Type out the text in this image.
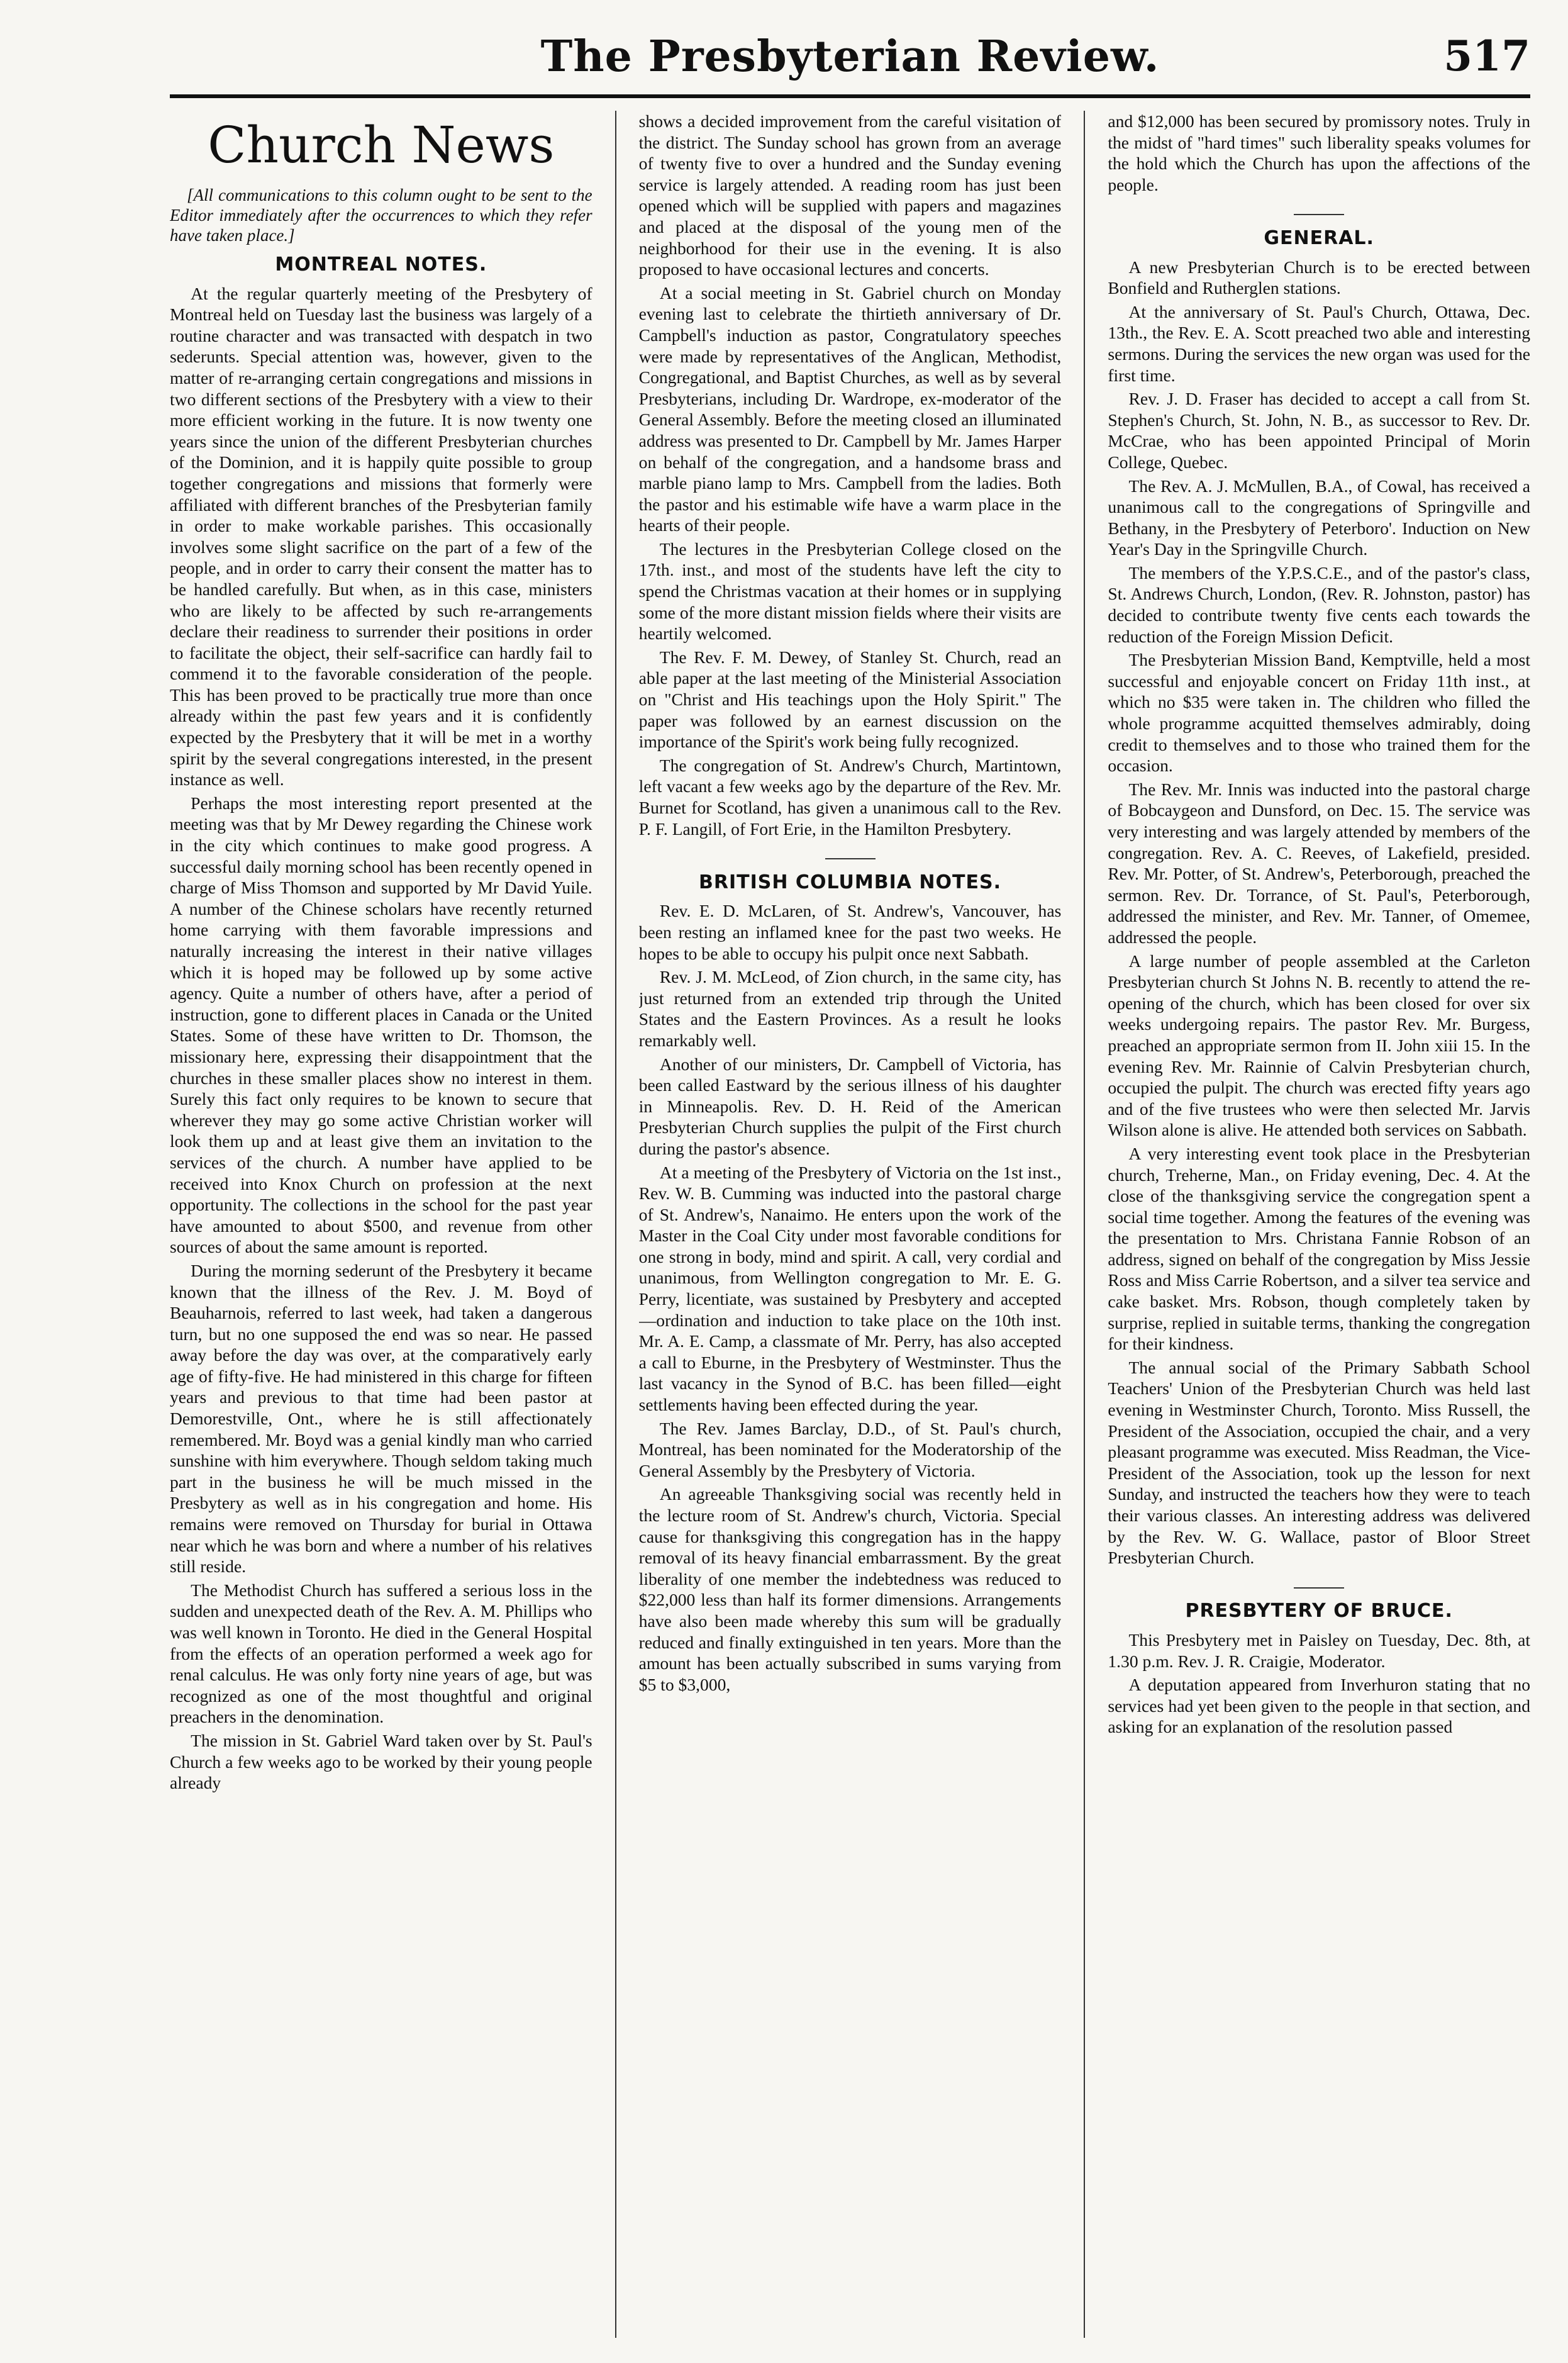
The Presbyterian Review.	517
Church News
[All communications to this column ought to be sent to the Editor immediately after the occurrences to which they refer have taken place.]
MONTREAL NOTES.

At the regular quarterly meeting of the Presbytery of Montreal held on Tuesday last the business was largely of a routine character and was transacted with despatch in two sederunts. Special attention was, however, given to the matter of re-arranging certain congregations and missions in two different sections of the Presbytery with a view to their more efficient working in the future. It is now twenty one years since the union of the different Presbyterian churches of the Dominion, and it is happily quite possible to group together congregations and missions that formerly were affiliated with different branches of the Presbyterian family in order to make workable parishes. This occasionally involves some slight sacrifice on the part of a few of the people, and in order to carry their consent the matter has to be handled carefully. But when, as in this case, ministers who are likely to be affected by such re-arrangements declare their readiness to surrender their positions in order to facilitate the object, their self-sacrifice can hardly fail to commend it to the favorable consideration of the people. This has been proved to be practically true more than once already within the past few years and it is confidently expected by the Presbytery that it will be met in a worthy spirit by the several congregations interested, in the present instance as well.

Perhaps the most interesting report presented at the meeting was that by Mr Dewey regarding the Chinese work in the city which continues to make good progress. A successful daily morning school has been recently opened in charge of Miss Thomson and supported by Mr David Yuile. A number of the Chinese scholars have recently returned home carrying with them favorable impressions and naturally increasing the interest in their native villages which it is hoped may be followed up by some active agency. Quite a number of others have, after a period of instruction, gone to different places in Canada or the United States. Some of these have written to Dr. Thomson, the missionary here, expressing their disappointment that the churches in these smaller places show no interest in them. Surely this fact only requires to be known to secure that wherever they may go some active Christian worker will look them up and at least give them an invitation to the services of the church. A number have applied to be received into Knox Church on profession at the next opportunity. The collections in the school for the past year have amounted to about $500, and revenue from other sources of about the same amount is reported.

During the morning sederunt of the Presbytery it became known that the illness of the Rev. J. M. Boyd of Beauharnois, referred to last week, had taken a dangerous turn, but no one supposed the end was so near. He passed away before the day was over, at the comparatively early age of fifty-five. He had ministered in this charge for fifteen years and previous to that time had been pastor at Demorestville, Ont., where he is still affectionately remembered. Mr. Boyd was a genial kindly man who carried sunshine with him everywhere. Though seldom taking much part in the business he will be much missed in the Presbytery as well as in his congregation and home. His remains were removed on Thursday for burial in Ottawa near which he was born and where a number of his relatives still reside.

The Methodist Church has suffered a serious loss in the sudden and unexpected death of the Rev. A. M. Phillips who was well known in Toronto. He died in the General Hospital from the effects of an operation performed a week ago for renal calculus. He was only forty nine years of age, but was recognized as one of the most thoughtful and original preachers in the denomination.

The mission in St. Gabriel Ward taken over by St. Paul's Church a few weeks ago to be worked by their young people already

shows a decided improvement from the careful visitation of the district. The Sunday school has grown from an average of twenty five to over a hundred and the Sunday evening service is largely attended. A reading room has just been opened which will be supplied with papers and magazines and placed at the disposal of the young men of the neighborhood for their use in the evening. It is also proposed to have occasional lectures and concerts.

At a social meeting in St. Gabriel church on Monday evening last to celebrate the thirtieth anniversary of Dr. Campbell's induction as pastor, Congratulatory speeches were made by representatives of the Anglican, Methodist, Congregational, and Baptist Churches, as well as by several Presbyterians, including Dr. Wardrope, ex-moderator of the General Assembly. Before the meeting closed an illuminated address was presented to Dr. Campbell by Mr. James Harper on behalf of the congregation, and a handsome brass and marble piano lamp to Mrs. Campbell from the ladies. Both the pastor and his estimable wife have a warm place in the hearts of their people.

The lectures in the Presbyterian College closed on the 17th. inst., and most of the students have left the city to spend the Christmas vacation at their homes or in supplying some of the more distant mission fields where their visits are heartily welcomed.

The Rev. F. M. Dewey, of Stanley St. Church, read an able paper at the last meeting of the Ministerial Association on "Christ and His teachings upon the Holy Spirit." The paper was followed by an earnest discussion on the importance of the Spirit's work being fully recognized.

The congregation of St. Andrew's Church, Martintown, left vacant a few weeks ago by the departure of the Rev. Mr. Burnet for Scotland, has given a unanimous call to the Rev. P. F. Langill, of Fort Erie, in the Hamilton Presbytery.

BRITISH COLUMBIA NOTES.

Rev. E. D. McLaren, of St. Andrew's, Vancouver, has been resting an inflamed knee for the past two weeks. He hopes to be able to occupy his pulpit once next Sabbath.

Rev. J. M. McLeod, of Zion church, in the same city, has just returned from an extended trip through the United States and the Eastern Provinces. As a result he looks remarkably well.

Another of our ministers, Dr. Campbell of Victoria, has been called Eastward by the serious illness of his daughter in Minneapolis. Rev. D. H. Reid of the American Presbyterian Church supplies the pulpit of the First church during the pastor's absence.

At a meeting of the Presbytery of Victoria on the 1st inst., Rev. W. B. Cumming was inducted into the pastoral charge of St. Andrew's, Nanaimo. He enters upon the work of the Master in the Coal City under most favorable conditions for one strong in body, mind and spirit. A call, very cordial and unanimous, from Wellington congregation to Mr. E. G. Perry, licentiate, was sustained by Presbytery and accepted—ordination and induction to take place on the 10th inst. Mr. A. E. Camp, a classmate of Mr. Perry, has also accepted a call to Eburne, in the Presbytery of Westminster. Thus the last vacancy in the Synod of B.C. has been filled—eight settlements having been effected during the year.

The Rev. James Barclay, D.D., of St. Paul's church, Montreal, has been nominated for the Moderatorship of the General Assembly by the Presbytery of Victoria.

An agreeable Thanksgiving social was recently held in the lecture room of St. Andrew's church, Victoria. Special cause for thanksgiving this congregation has in the happy removal of its heavy financial embarrassment. By the great liberality of one member the indebtedness was reduced to $22,000 less than half its former dimensions. Arrangements have also been made whereby this sum will be gradually reduced and finally extinguished in ten years. More than the amount has been actually subscribed in sums varying from $5 to $3,000,

and $12,000 has been secured by promissory notes. Truly in the midst of "hard times" such liberality speaks volumes for the hold which the Church has upon the affections of the people.

GENERAL.

A new Presbyterian Church is to be erected between Bonfield and Rutherglen stations.

At the anniversary of St. Paul's Church, Ottawa, Dec. 13th., the Rev. E. A. Scott preached two able and interesting sermons. During the services the new organ was used for the first time.

Rev. J. D. Fraser has decided to accept a call from St. Stephen's Church, St. John, N. B., as successor to Rev. Dr. McCrae, who has been appointed Principal of Morin College, Quebec.

The Rev. A. J. McMullen, B.A., of Cowal, has received a unanimous call to the congregations of Springville and Bethany, in the Presbytery of Peterboro'. Induction on New Year's Day in the Springville Church.

The members of the Y.P.S.C.E., and of the pastor's class, St. Andrews Church, London, (Rev. R. Johnston, pastor) has decided to contribute twenty five cents each towards the reduction of the Foreign Mission Deficit.

The Presbyterian Mission Band, Kemptville, held a most successful and enjoyable concert on Friday 11th inst., at which no $35 were taken in. The children who filled the whole programme acquitted themselves admirably, doing credit to themselves and to those who trained them for the occasion.

The Rev. Mr. Innis was inducted into the pastoral charge of Bobcaygeon and Dunsford, on Dec. 15. The service was very interesting and was largely attended by members of the congregation. Rev. A. C. Reeves, of Lakefield, presided. Rev. Mr. Potter, of St. Andrew's, Peterborough, preached the sermon. Rev. Dr. Torrance, of St. Paul's, Peterborough, addressed the minister, and Rev. Mr. Tanner, of Omemee, addressed the people.

A large number of people assembled at the Carleton Presbyterian church St Johns N. B. recently to attend the re-opening of the church, which has been closed for over six weeks undergoing repairs. The pastor Rev. Mr. Burgess, preached an appropriate sermon from II. John xiii 15. In the evening Rev. Mr. Rainnie of Calvin Presbyterian church, occupied the pulpit. The church was erected fifty years ago and of the five trustees who were then selected Mr. Jarvis Wilson alone is alive. He attended both services on Sabbath.

A very interesting event took place in the Presbyterian church, Treherne, Man., on Friday evening, Dec. 4. At the close of the thanksgiving service the congregation spent a social time together. Among the features of the evening was the presentation to Mrs. Christana Fannie Robson of an address, signed on behalf of the congregation by Miss Jessie Ross and Miss Carrie Robertson, and a silver tea service and cake basket. Mrs. Robson, though completely taken by surprise, replied in suitable terms, thanking the congregation for their kindness.

The annual social of the Primary Sabbath School Teachers' Union of the Presbyterian Church was held last evening in Westminster Church, Toronto. Miss Russell, the President of the Association, occupied the chair, and a very pleasant programme was executed. Miss Readman, the Vice-President of the Association, took up the lesson for next Sunday, and instructed the teachers how they were to teach their various classes. An interesting address was delivered by the Rev. W. G. Wallace, pastor of Bloor Street Presbyterian Church.

PRESBYTERY OF BRUCE.

This Presbytery met in Paisley on Tuesday, Dec. 8th, at 1.30 p.m. Rev. J. R. Craigie, Moderator.

A deputation appeared from Inverhuron stating that no services had yet been given to the people in that section, and asking for an explanation of the resolution passed
